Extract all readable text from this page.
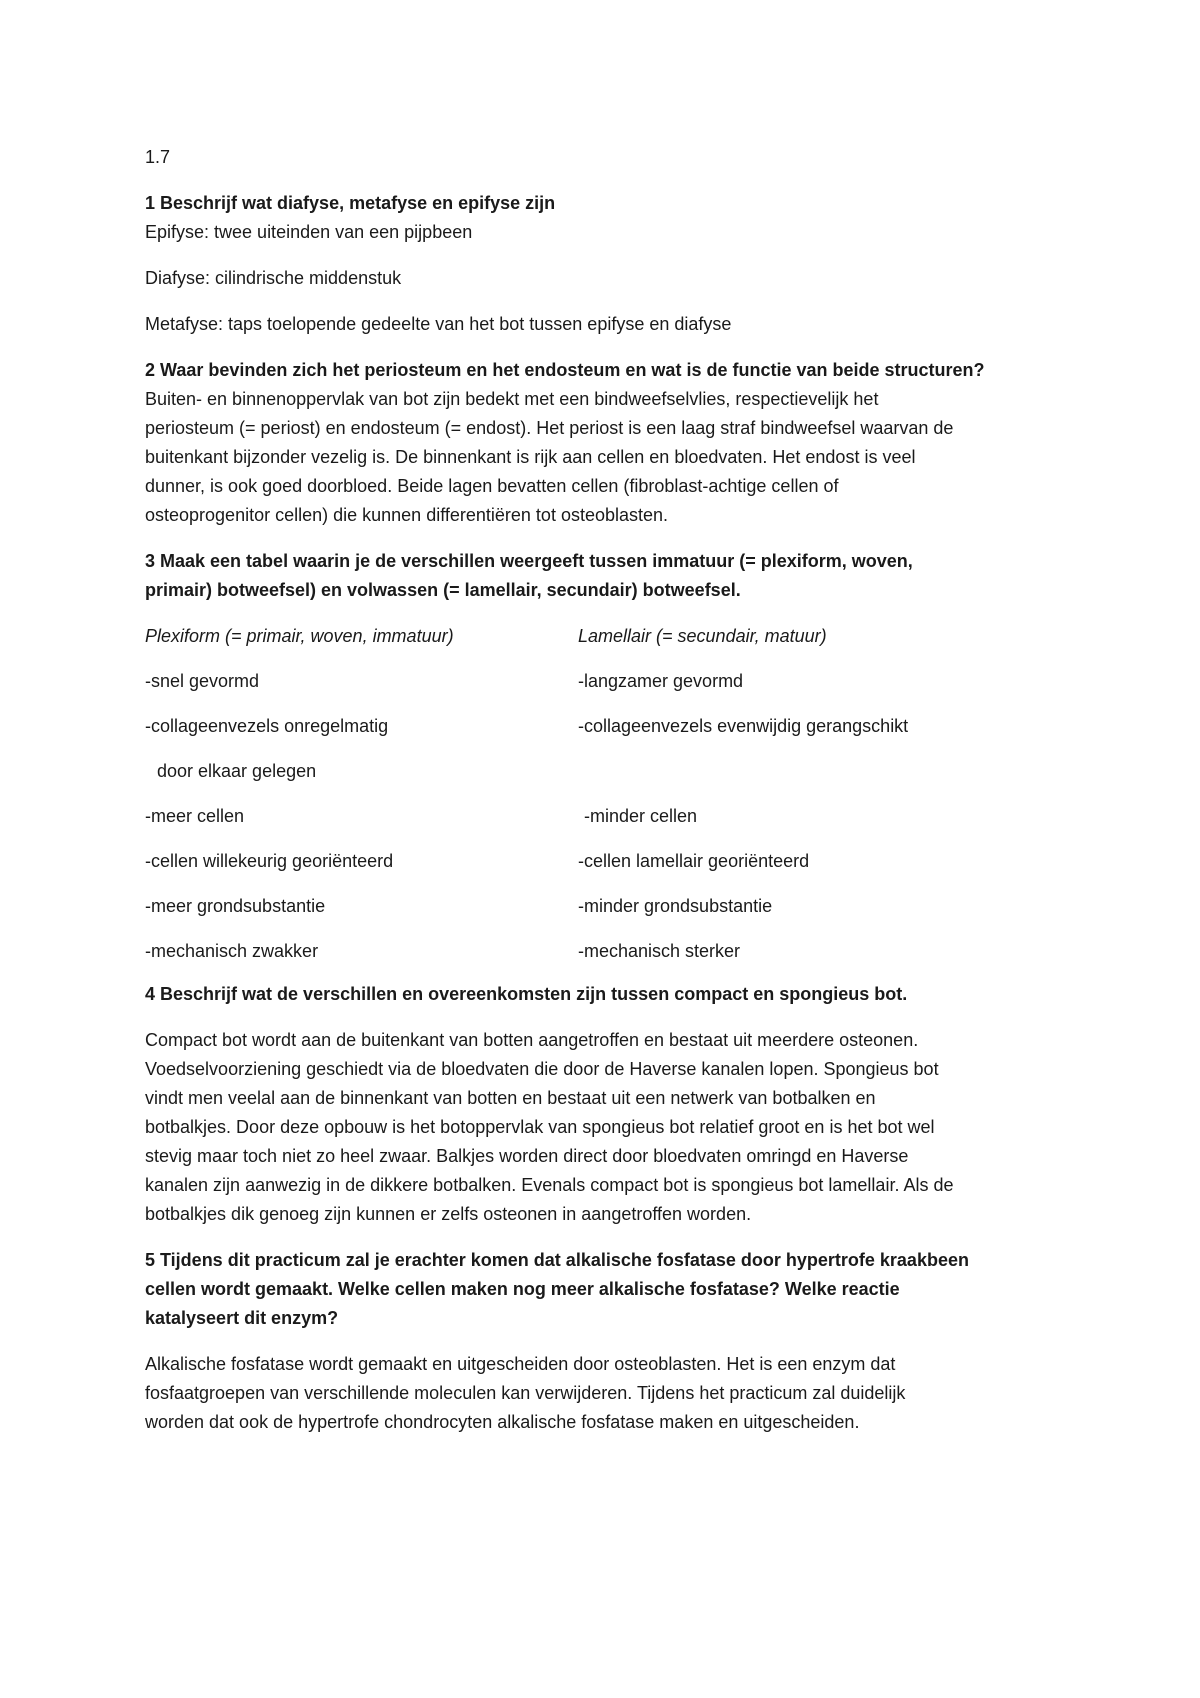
1.7

1 Beschrijf wat diafyse, metafyse en epifyse zijn

Epifyse: twee uiteinden van een pijpbeen

Diafyse: cilindrische middenstuk

Metafyse: taps toelopende gedeelte van het bot tussen epifyse en diafyse

2 Waar bevinden zich het periosteum en het endosteum en wat is de functie van beide structuren?

Buiten- en binnenoppervlak van bot zijn bedekt met een bindweefselvlies, respectievelijk het

periosteum (= periost) en endosteum (= endost). Het periost is een laag straf bindweefsel waarvan de

buitenkant bijzonder vezelig is. De binnenkant is rijk aan cellen en bloedvaten. Het endost is veel

dunner, is ook goed doorbloed. Beide lagen bevatten cellen (fibroblast-achtige cellen of

osteoprogenitor cellen) die kunnen differentiëren tot osteoblasten.

3 Maak een tabel waarin je de verschillen weergeeft tussen immatuur (= plexiform, woven,

primair) botweefsel) en volwassen (= lamellair, secundair) botweefsel.

Plexiform (= primair, woven, immatuur)	Lamellair (= secundair, matuur)
-snel gevormd	-langzamer gevormd
-collageenvezels onregelmatig	-collageenvezels evenwijdig gerangschikt
door elkaar gelegen
-meer cellen	-minder cellen
-cellen willekeurig georiënteerd	-cellen lamellair georiënteerd
-meer grondsubstantie	-minder grondsubstantie
-mechanisch zwakker	-mechanisch sterker

4 Beschrijf wat de verschillen en overeenkomsten zijn tussen compact en spongieus bot.

Compact bot wordt aan de buitenkant van botten aangetroffen en bestaat uit meerdere osteonen.

Voedselvoorziening geschiedt via de bloedvaten die door de Haverse kanalen lopen. Spongieus bot

vindt men veelal aan de binnenkant van botten en bestaat uit een netwerk van botbalken en

botbalkjes. Door deze opbouw is het botoppervlak van spongieus bot relatief groot en is het bot wel

stevig maar toch niet zo heel zwaar. Balkjes worden direct door bloedvaten omringd en Haverse

kanalen zijn aanwezig in de dikkere botbalken. Evenals compact bot is spongieus bot lamellair. Als de

botbalkjes dik genoeg zijn kunnen er zelfs osteonen in aangetroffen worden.

5 Tijdens dit practicum zal je erachter komen dat alkalische fosfatase door hypertrofe kraakbeen

cellen wordt gemaakt. Welke cellen maken nog meer alkalische fosfatase? Welke reactie

katalyseert dit enzym?

Alkalische fosfatase wordt gemaakt en uitgescheiden door osteoblasten. Het is een enzym dat

fosfaatgroepen van verschillende moleculen kan verwijderen. Tijdens het practicum zal duidelijk

worden dat ook de hypertrofe chondrocyten alkalische fosfatase maken en uitgescheiden.
